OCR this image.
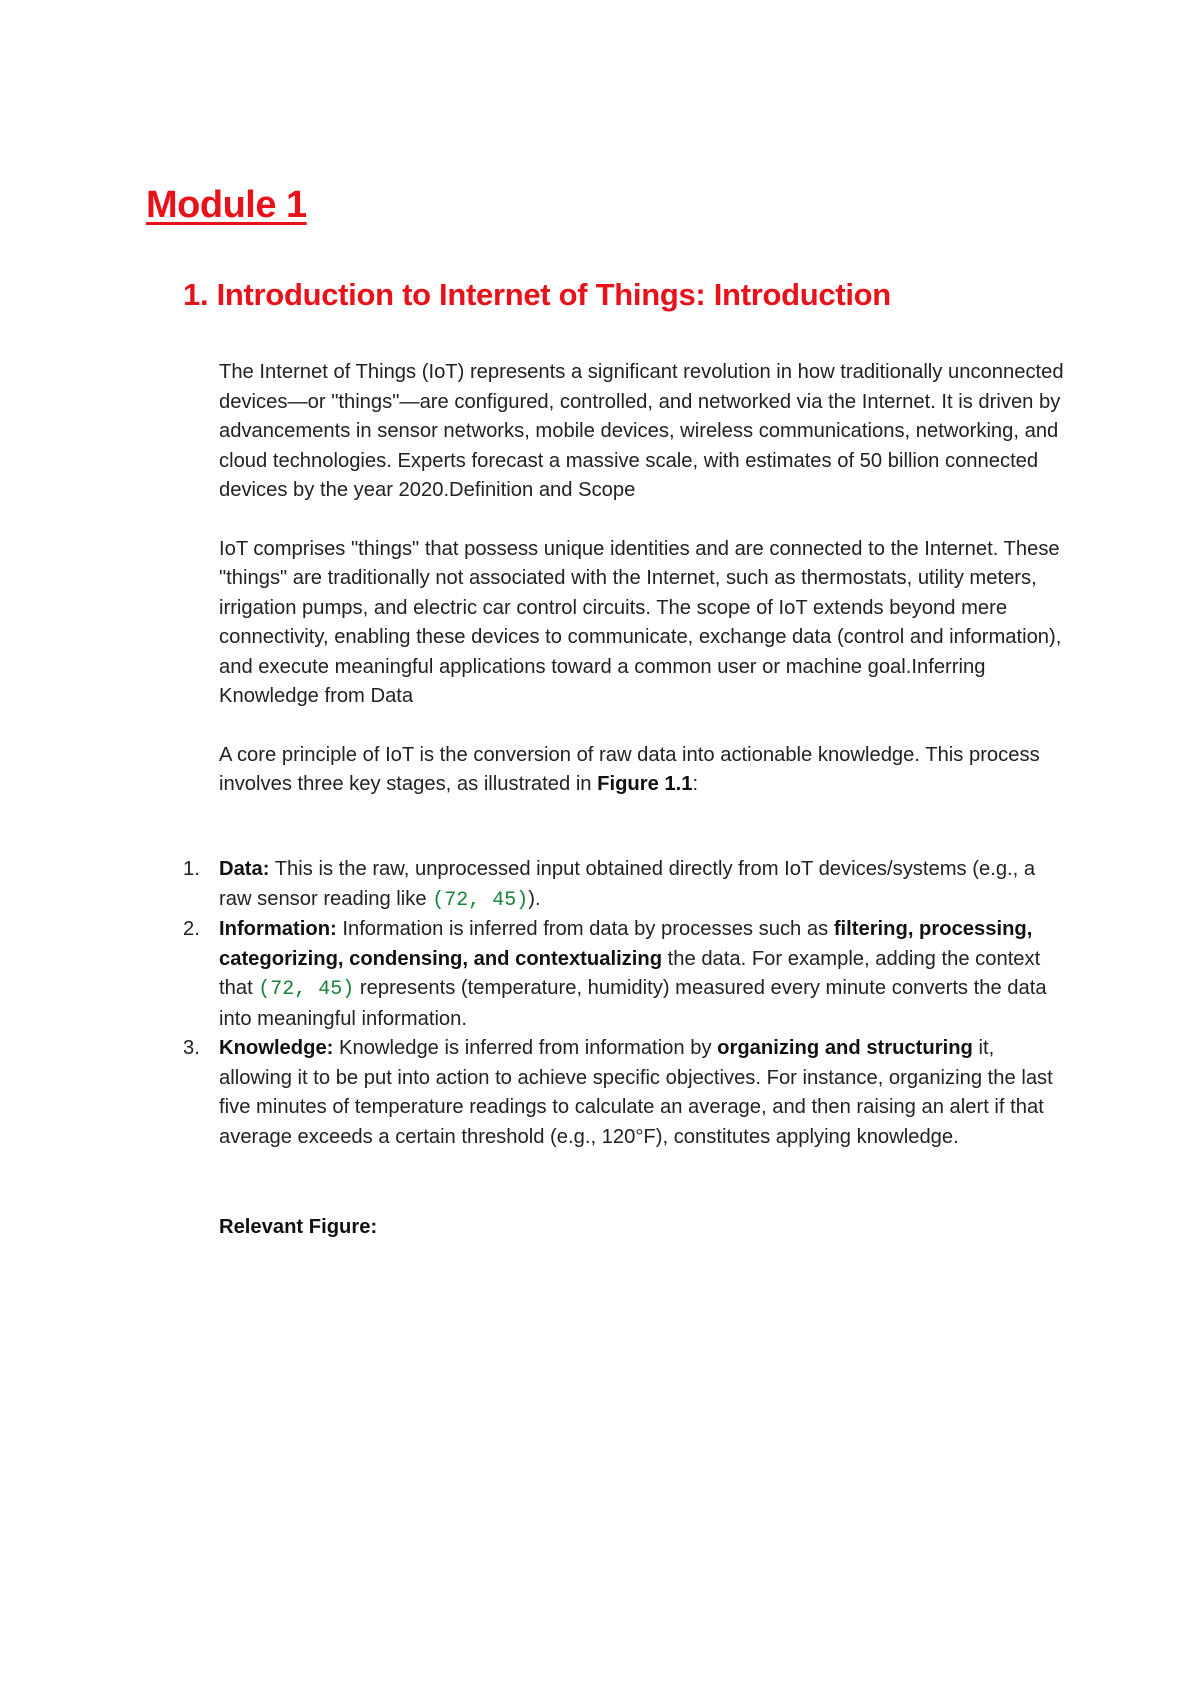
Module 1
1. Introduction to Internet of Things: Introduction

The Internet of Things (IoT) represents a significant revolution in how traditionally unconnected devices—or "things"—are configured, controlled, and networked via the Internet. It is driven by advancements in sensor networks, mobile devices, wireless communications, networking, and cloud technologies. Experts forecast a massive scale, with estimates of 50 billion connected devices by the year 2020.Definition and Scope

IoT comprises "things" that possess unique identities and are connected to the Internet. These "things" are traditionally not associated with the Internet, such as thermostats, utility meters, irrigation pumps, and electric car control circuits. The scope of IoT extends beyond mere connectivity, enabling these devices to communicate, exchange data (control and information), and execute meaningful applications toward a common user or machine goal.Inferring Knowledge from Data

A core principle of IoT is the conversion of raw data into actionable knowledge. This process involves three key stages, as illustrated in Figure 1.1:

1. Data: This is the raw, unprocessed input obtained directly from IoT devices/systems (e.g., a raw sensor reading like (72, 45)).
2. Information: Information is inferred from data by processes such as filtering, processing, categorizing, condensing, and contextualizing the data. For example, adding the context that (72, 45) represents (temperature, humidity) measured every minute converts the data into meaningful information.
3. Knowledge: Knowledge is inferred from information by organizing and structuring it, allowing it to be put into action to achieve specific objectives. For instance, organizing the last five minutes of temperature readings to calculate an average, and then raising an alert if that average exceeds a certain threshold (e.g., 120°F), constitutes applying knowledge.

Relevant Figure:
